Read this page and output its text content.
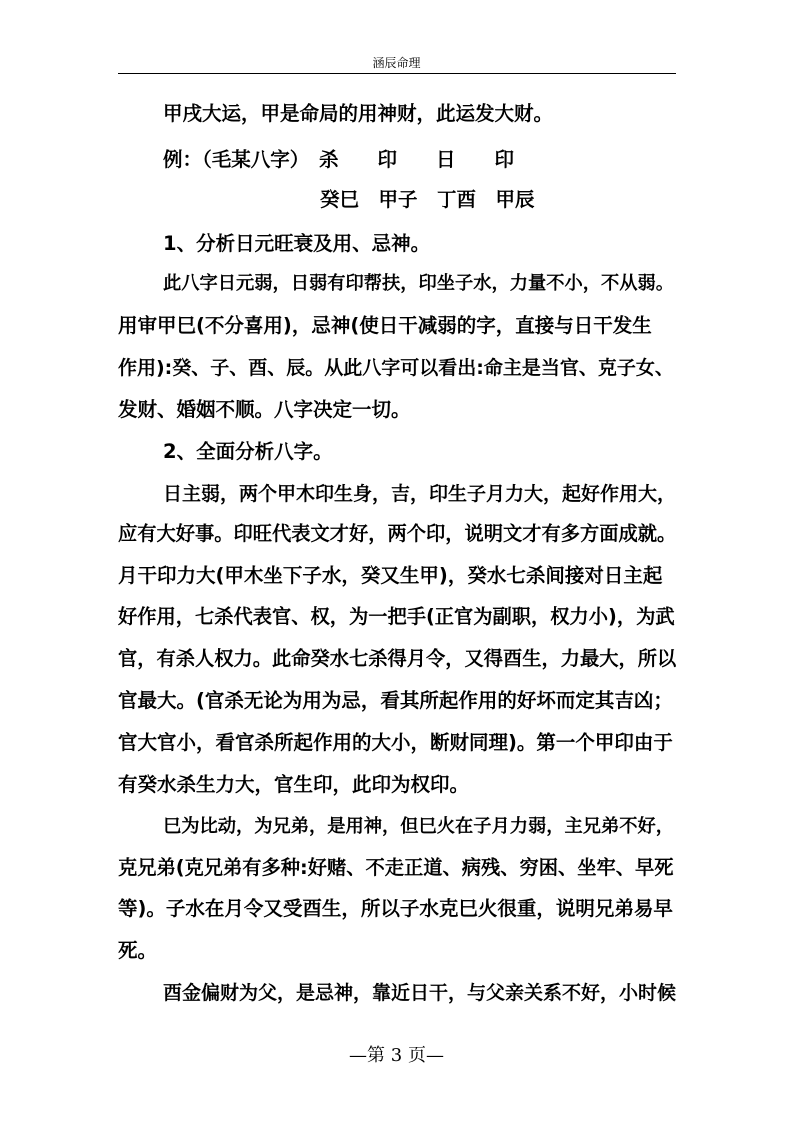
涵辰命理
甲戌大运，甲是命局的用神财，此运发大财。
例：（毛某八字）　杀　　印　　日　　印
癸巳　甲子　丁酉　甲辰
1、分析日元旺衰及用、忌神。
此八字日元弱，日弱有印帮扶，印坐子水，力量不小，不从弱。
用审甲巳(不分喜用)，忌神(使日干减弱的字，直接与日干发生
作用):癸、子、酉、辰。从此八字可以看出:命主是当官、克子女、
发财、婚姻不顺。八字决定一切。
2、全面分析八字。
日主弱，两个甲木印生身，吉，印生子月力大，起好作用大，
应有大好事。印旺代表文才好，两个印，说明文才有多方面成就。
月干印力大(甲木坐下子水，癸又生甲)，癸水七杀间接对日主起
好作用，七杀代表官、权，为一把手(正官为副职，权力小)，为武
官，有杀人权力。此命癸水七杀得月令，又得酉生，力最大，所以
官最大。(官杀无论为用为忌，看其所起作用的好坏而定其吉凶；
官大官小，看官杀所起作用的大小，断财同理)。第一个甲印由于
有癸水杀生力大，官生印，此印为权印。
巳为比动，为兄弟，是用神，但巳火在子月力弱，主兄弟不好，
克兄弟(克兄弟有多种:好赌、不走正道、病残、穷困、坐牢、早死
等)。子水在月令又受酉生，所以子水克巳火很重，说明兄弟易早
死。
酉金偏财为父，是忌神，靠近日干，与父亲关系不好，小时候
—第 3 页—
